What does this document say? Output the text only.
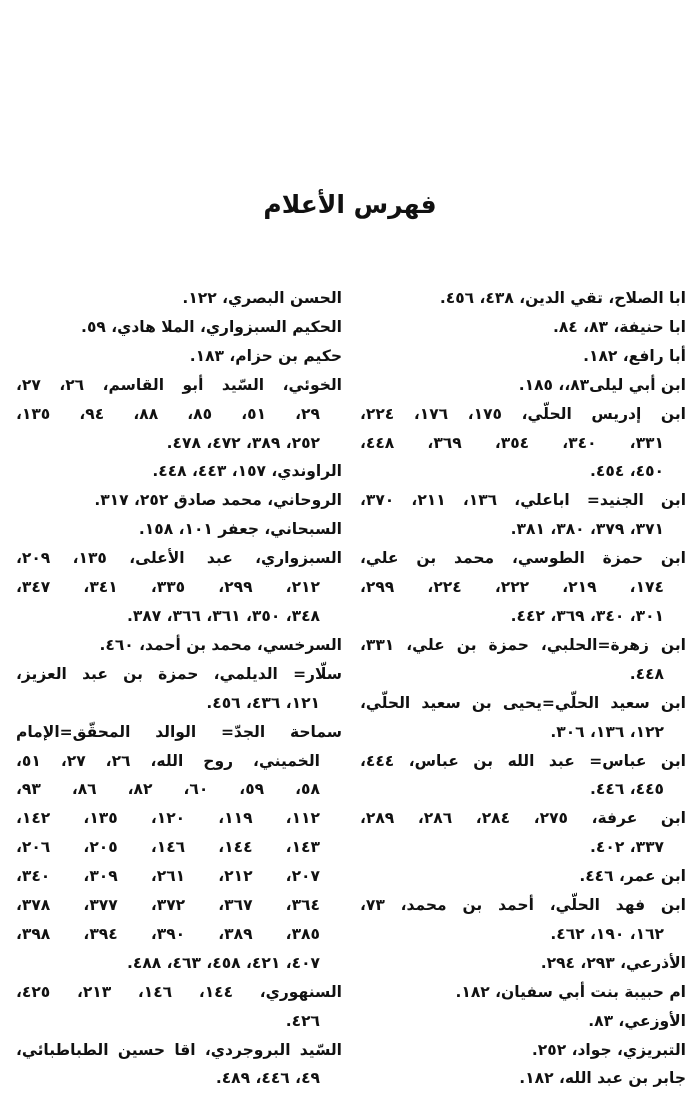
فهرس الأعلام
ابا الصلاح، تقي الدين، ٤٣٨، ٤٥٦.
ابا حنيفة، ٨٣، ٨٤.
أبا رافع، ١٨٢.
ابن أبي ليلى٨٣،، ١٨٥.
ابن إدريس الحلّي، ١٧٥، ١٧٦، ٢٢٤،
٣٣١، ٣٤٠، ٣٥٤، ٣٦٩، ٤٤٨،
٤٥٠، ٤٥٤.
ابن الجنيد= اباعلي، ١٣٦، ٢١١، ٣٧٠،
٣٧١، ٣٧٩، ٣٨٠، ٣٨١.
ابن حمزة الطوسي، محمد بن علي،
١٧٤، ٢١٩، ٢٢٢، ٢٢٤، ٢٩٩،
٣٠١، ٣٤٠، ٣٦٩، ٤٤٢.
ابن زهرة=الحلبي، حمزة بن علي، ٣٣١،
٤٤٨.
ابن سعيد الحلّي=يحيى بن سعيد الحلّي،
١٢٢، ١٣٦، ٣٠٦.
ابن عباس= عبد الله بن عباس، ٤٤٤،
٤٤٥، ٤٤٦.
ابن عرفة، ٢٧٥، ٢٨٤، ٢٨٦، ٢٨٩،
٣٣٧، ٤٠٢.
ابن عمر، ٤٤٦.
ابن فهد الحلّي، أحمد بن محمد، ٧٣،
١٦٢، ١٩٠، ٤٦٢.
الأذرعي، ٢٩٣، ٢٩٤.
ام حبيبة بنت أبي سفيان، ١٨٢.
الأوزعي، ٨٣.
التبريزي، جواد، ٢٥٢.
جابر بن عبد الله، ١٨٢.
الحسن البصري، ١٢٢.
الحكيم السبزواري، الملا هادي، ٥٩.
حكيم بن حزام، ١٨٣.
الخوئي، السّيد أبو القاسم، ٢٦، ٢٧،
٢٩، ٥١، ٨٥، ٨٨، ٩٤، ١٣٥،
٢٥٢، ٣٨٩، ٤٧٢، ٤٧٨.
الراوندي، ١٥٧، ٤٤٣، ٤٤٨.
الروحاني، محمد صادق ٢٥٢، ٣١٧.
السبحاني، جعفر ١٠١، ١٥٨.
السبزواري، عبد الأعلى، ١٣٥، ٢٠٩،
٢١٢، ٢٩٩، ٣٣٥، ٣٤١، ٣٤٧،
٣٤٨، ٣٥٠، ٣٦١، ٣٦٦، ٣٨٧.
السرخسي، محمد بن أحمد، ٤٦٠.
سلّار= الديلمي، حمزة بن عبد العزيز،
١٢١، ٤٣٦، ٤٥٦.
سماحة الجدّ= الوالد المحقّق=الإمام
الخميني، روح الله، ٢٦، ٢٧، ٥١،
٥٨، ٥٩، ٦٠، ٨٢، ٨٦، ٩٣،
١١٢، ١١٩، ١٢٠، ١٣٥، ١٤٢،
١٤٣، ١٤٤، ١٤٦، ٢٠٥، ٢٠٦،
٢٠٧، ٢١٢، ٢٦١، ٣٠٩، ٣٤٠،
٣٦٤، ٣٦٧، ٣٧٢، ٣٧٧، ٣٧٨،
٣٨٥، ٣٨٩، ٣٩٠، ٣٩٤، ٣٩٨،
٤٠٧، ٤٢١، ٤٥٨، ٤٦٣، ٤٨٨.
السنهوري، ١٤٤، ١٤٦، ٢١٣، ٤٢٥،
٤٢٦.
السّيد البروجردي، اقا حسين الطباطبائي،
٤٩، ٤٤٦، ٤٨٩.
